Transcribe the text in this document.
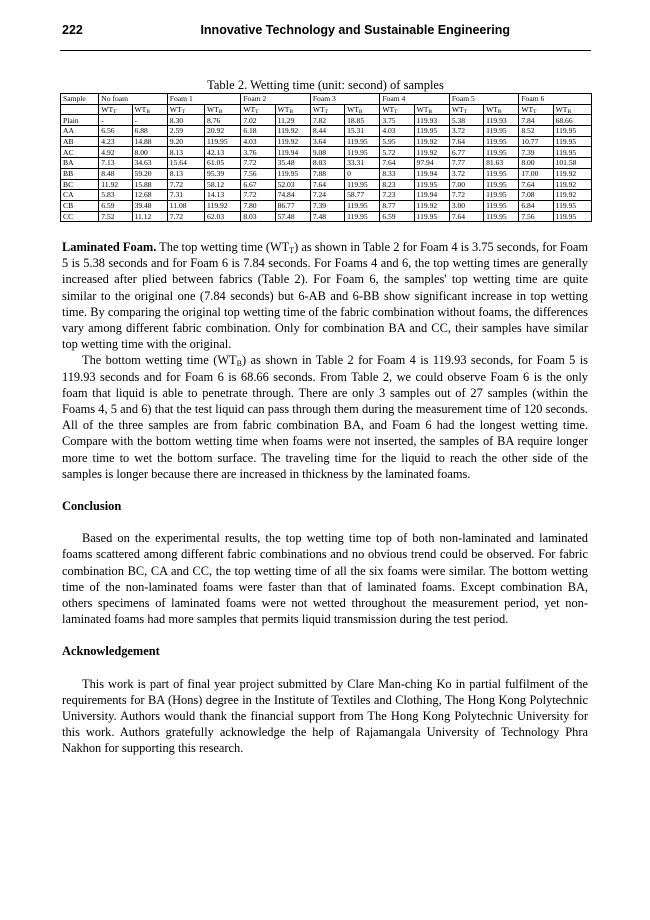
222	Innovative Technology and Sustainable Engineering
Table 2. Wetting time (unit: second) of samples
Sample	No foam		Foam 1		Foam 2		Foam 3		Foam 4		Foam 5		Foam 6	
	$WT_T$	$WT_B$	$WT_T$	$WT_B$	$WT_T$	$WT_B$	$WT_T$	$WT_B$	$WT_T$	$WT_B$	$WT_T$	$WT_B$	$WT_T$	$WT_B$
Plain	-	-	8.30	8.76	7.02	11.29	7.82	18.85	3.75	119.93	5.38	119.93	7.84	68.66
AA	6.56	6.88	2.59	20.92	6.18	119.92	8.44	15.31	4.03	119.95	3.72	119.95	8.52	119.95
AB	4.23	14.88	9.20	119.95	4.03	119.92	3.64	119.95	5.95	119.92	7.64	119.95	10.77	119.95
AC	4.92	8.00	8.13	42.13	3.76	119.94	9.08	119.95	5.72	119.92	6.77	119.95	7.39	119.95
BA	7.13	34.63	15.64	61.05	7.72	35.48	8.03	33.31	7.64	97.94	7.77	81.63	8.00	101.58
BB	8.48	59.20	8.13	95.39	7.56	119.95	7.88	0	8.33	119.94	3.72	119.95	17.00	119.92
BC	11.92	15.88	7.72	58.12	6.67	52.03	7.64	119.95	8.23	119.95	7.00	119.95	7.64	119.92
CA	5.83	12.68	7.31	14.13	7.72	74.84	7.24	58.77	7.23	119.94	7.72	119.95	7.08	119.92
CB	6.59	39.48	11.08	119.92	7.80	86.77	7.39	119.95	8.77	119.92	3.00	119.95	6.84	119.95
CC	7.52	11.12	7.72	62.03	8.03	57.48	7.48	119.95	6.59	119.95	7.64	119.95	7.56	119.95

Laminated Foam. The top wetting time $(WT_T)$ as shown in Table 2 for Foam 4 is 3.75 seconds, for Foam 5 is 5.38 seconds and for Foam 6 is 7.84 seconds. For Foams 4 and 6, the top wetting times are generally increased after plied between fabrics (Table 2). For Foam 6, the samples' top wetting time are quite similar to the original one (7.84 seconds) but 6-AB and 6-BB show significant increase in top wetting time. By comparing the original top wetting time of the fabric combination without foams, the differences vary among different fabric combination. Only for combination BA and CC, their samples have similar top wetting time with the original.

The bottom wetting time $(WT_B)$ as shown in Table 2 for Foam 4 is 119.93 seconds, for Foam 5 is 119.93 seconds and for Foam 6 is 68.66 seconds. From Table 2, we could observe Foam 6 is the only foam that liquid is able to penetrate through. There are only 3 samples out of 27 samples (within the Foams 4, 5 and 6) that the test liquid can pass through them during the measurement time of 120 seconds. All of the three samples are from fabric combination BA, and Foam 6 had the longest wetting time. Compare with the bottom wetting time when foams were not inserted, the samples of BA require longer more time to wet the bottom surface. The traveling time for the liquid to reach the other side of the samples is longer because there are increased in thickness by the laminated foams.

Conclusion

Based on the experimental results, the top wetting time top of both non-laminated and laminated foams scattered among different fabric combinations and no obvious trend could be observed. For fabric combination BC, CA and CC, the top wetting time of all the six foams were similar. The bottom wetting time of the non-laminated foams were faster than that of laminated foams. Except combination BA, others specimens of laminated foams were not wetted throughout the measurement period, yet non-laminated foams had more samples that permits liquid transmission during the test period.

Acknowledgement

This work is part of final year project submitted by Clare Man-ching Ko in partial fulfilment of the requirements for BA (Hons) degree in the Institute of Textiles and Clothing, The Hong Kong Polytechnic University. Authors would thank the financial support from The Hong Kong Polytechnic University for this work. Authors gratefully acknowledge the help of Rajamangala University of Technology Phra Nakhon for supporting this research.
